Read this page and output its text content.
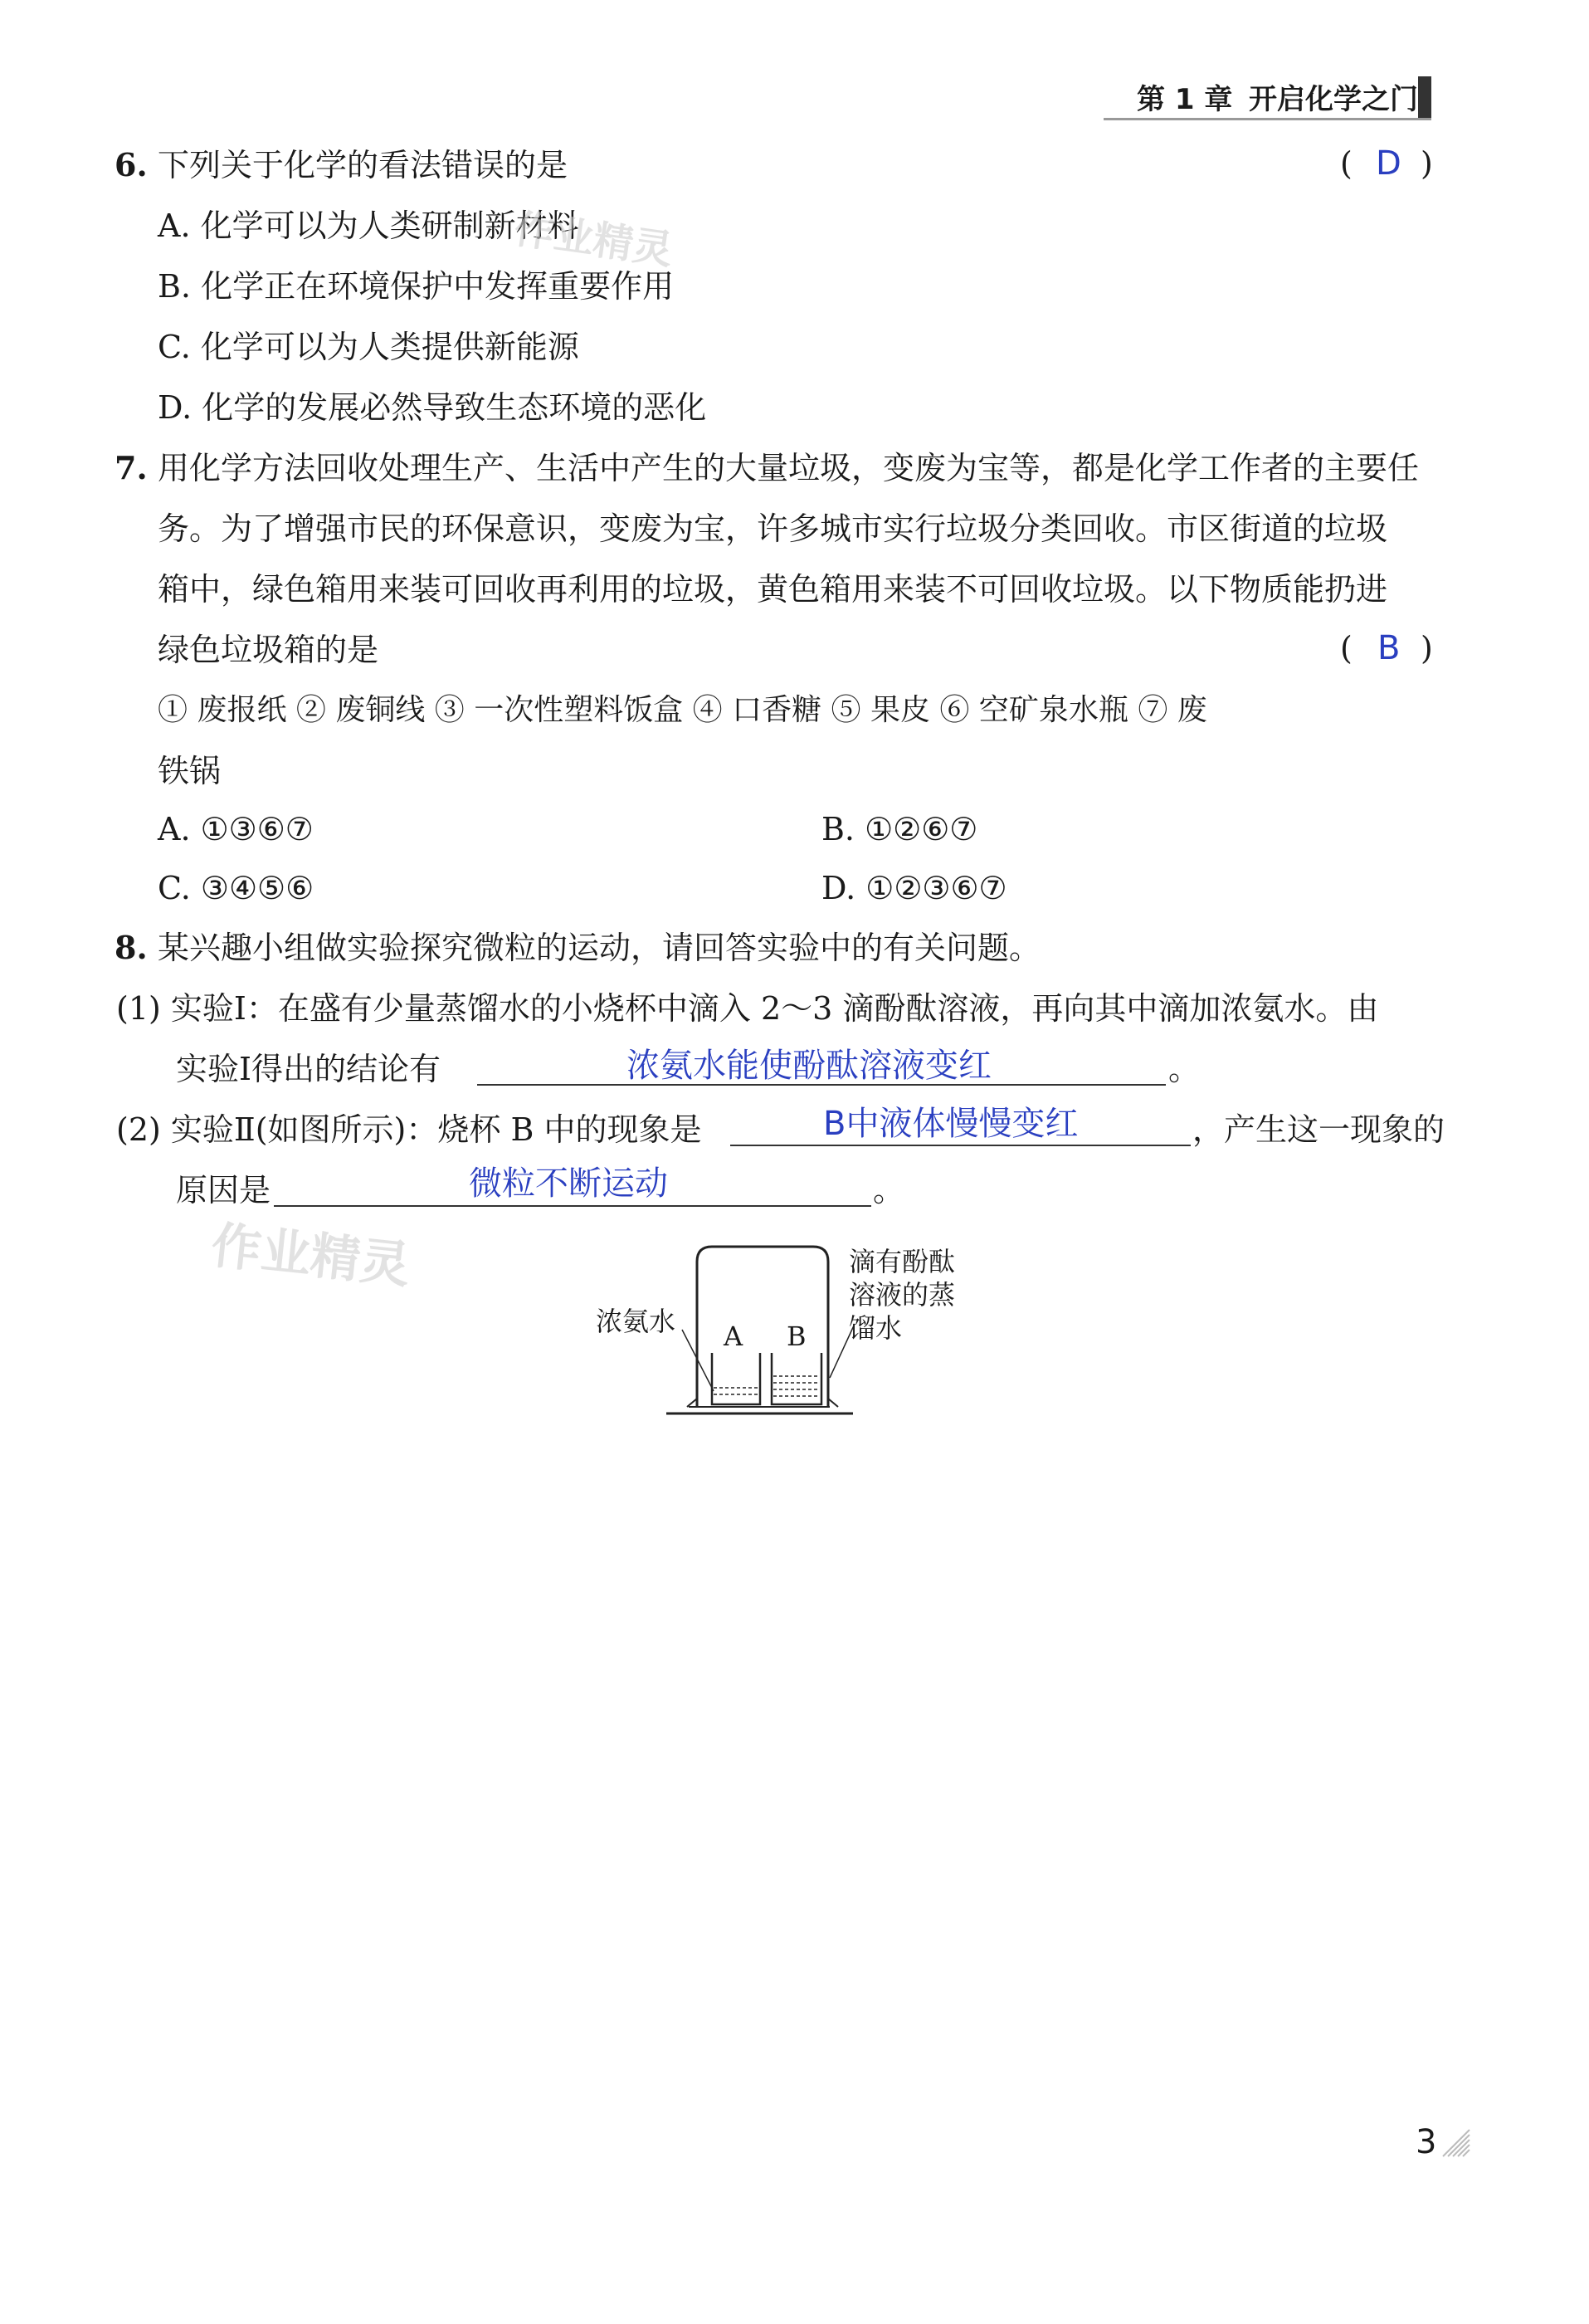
第 1 章 开启化学之门
6. 下列关于化学的看法错误的是	( D )
A. 化学可以为人类研制新材料
B. 化学正在环境保护中发挥重要作用
C. 化学可以为人类提供新能源
D. 化学的发展必然导致生态环境的恶化
7. 用化学方法回收处理生产、生活中产生的大量垃圾，变废为宝等，都是化学工作者的主要任
务。为了增强市民的环保意识，变废为宝，许多城市实行垃圾分类回收。市区街道的垃圾
箱中，绿色箱用来装可回收再利用的垃圾，黄色箱用来装不可回收垃圾。以下物质能扔进
绿色垃圾箱的是	( B )
① 废报纸 ② 废铜线 ③ 一次性塑料饭盒 ④ 口香糖 ⑤ 果皮 ⑥ 空矿泉水瓶 ⑦ 废
铁锅
A. ①③⑥⑦	B. ①②⑥⑦
C. ③④⑤⑥	D. ①②③⑥⑦
8. 某兴趣小组做实验探究微粒的运动，请回答实验中的有关问题。
(1) 实验Ⅰ：在盛有少量蒸馏水的小烧杯中滴入 2～3 滴酚酞溶液，再向其中滴加浓氨水。由
实验Ⅰ得出的结论有	浓氨水能使酚酞溶液变红	。
(2) 实验Ⅱ(如图所示)：烧杯 B 中的现象是	B中液体慢慢变红	，产生这一现象的
原因是	微粒不断运动	。
浓氨水 A B
滴有酚酞
溶液的蒸
馏水
作业精灵
作业精灵
3
